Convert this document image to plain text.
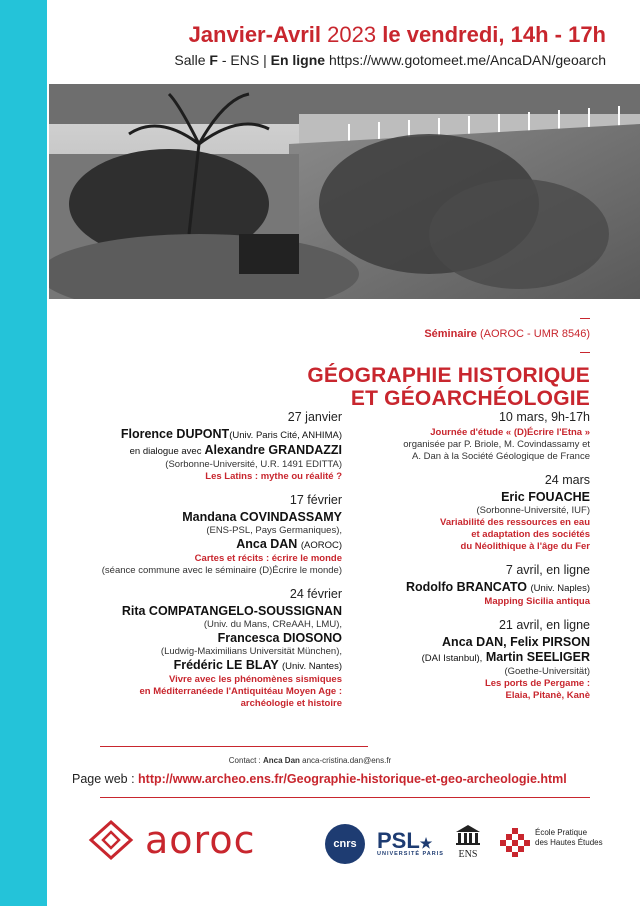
Janvier-Avril 2023 le vendredi, 14h - 17h
Salle F - ENS | En ligne https://www.gotomeet.me/AncaDAN/geoarch
Séminaire (AOROC - UMR 8546)
GÉOGRAPHIE HISTORIQUE
ET GÉOARCHÉOLOGIE
27 janvier
Florence DUPONT(Univ. Paris Cité, ANHIMA)
en dialogue avec Alexandre GRANDAZZI
(Sorbonne-Université, U.R. 1491 EDITTA)
Les Latins : mythe ou réalité ?
17 février
Mandana COVINDASSAMY
(ENS-PSL, Pays Germaniques),
Anca DAN (AOROC)
Cartes et récits : écrire le monde
(séance commune avec le séminaire (D)Écrire le monde)
24 février
Rita COMPATANGELO-SOUSSIGNAN
(Univ. du Mans, CReAAH, LMU),
Francesca DIOSONO
(Ludwig-Maximilians Universität München),
Frédéric LE BLAY (Univ. Nantes)
Vivre avec les phénomènes sismiques
en Méditerranéede l'Antiquitéau Moyen Age :
archéologie et histoire
10 mars, 9h-17h
Journée d'étude « (D)Écrire l'Etna »
organisée par P. Briole, M. Covindassamy et
A. Dan à la Société Géologique de France
24 mars
Eric FOUACHE
(Sorbonne-Université, IUF)
Variabilité des ressources en eau
et adaptation des sociétés
du Néolithique à l'âge du Fer
7 avril, en ligne
Rodolfo BRANCATO (Univ. Naples)
Mapping Sicilia antiqua
21 avril, en ligne
Anca DAN, Felix PIRSON
(DAI Istanbul), Martin SEELIGER
(Goethe-Universität)
Les ports de Pergame :
Elaia, Pitanè, Kanè
Contact : Anca Dan anca-cristina.dan@ens.fr
Page web : http://www.archeo.ens.fr/Geographie-historique-et-geo-archeologie.html
aoroc	cnrs PSL★
UNIVERSITÉ PARIS	ENS
École Pratique
des Hautes Études
